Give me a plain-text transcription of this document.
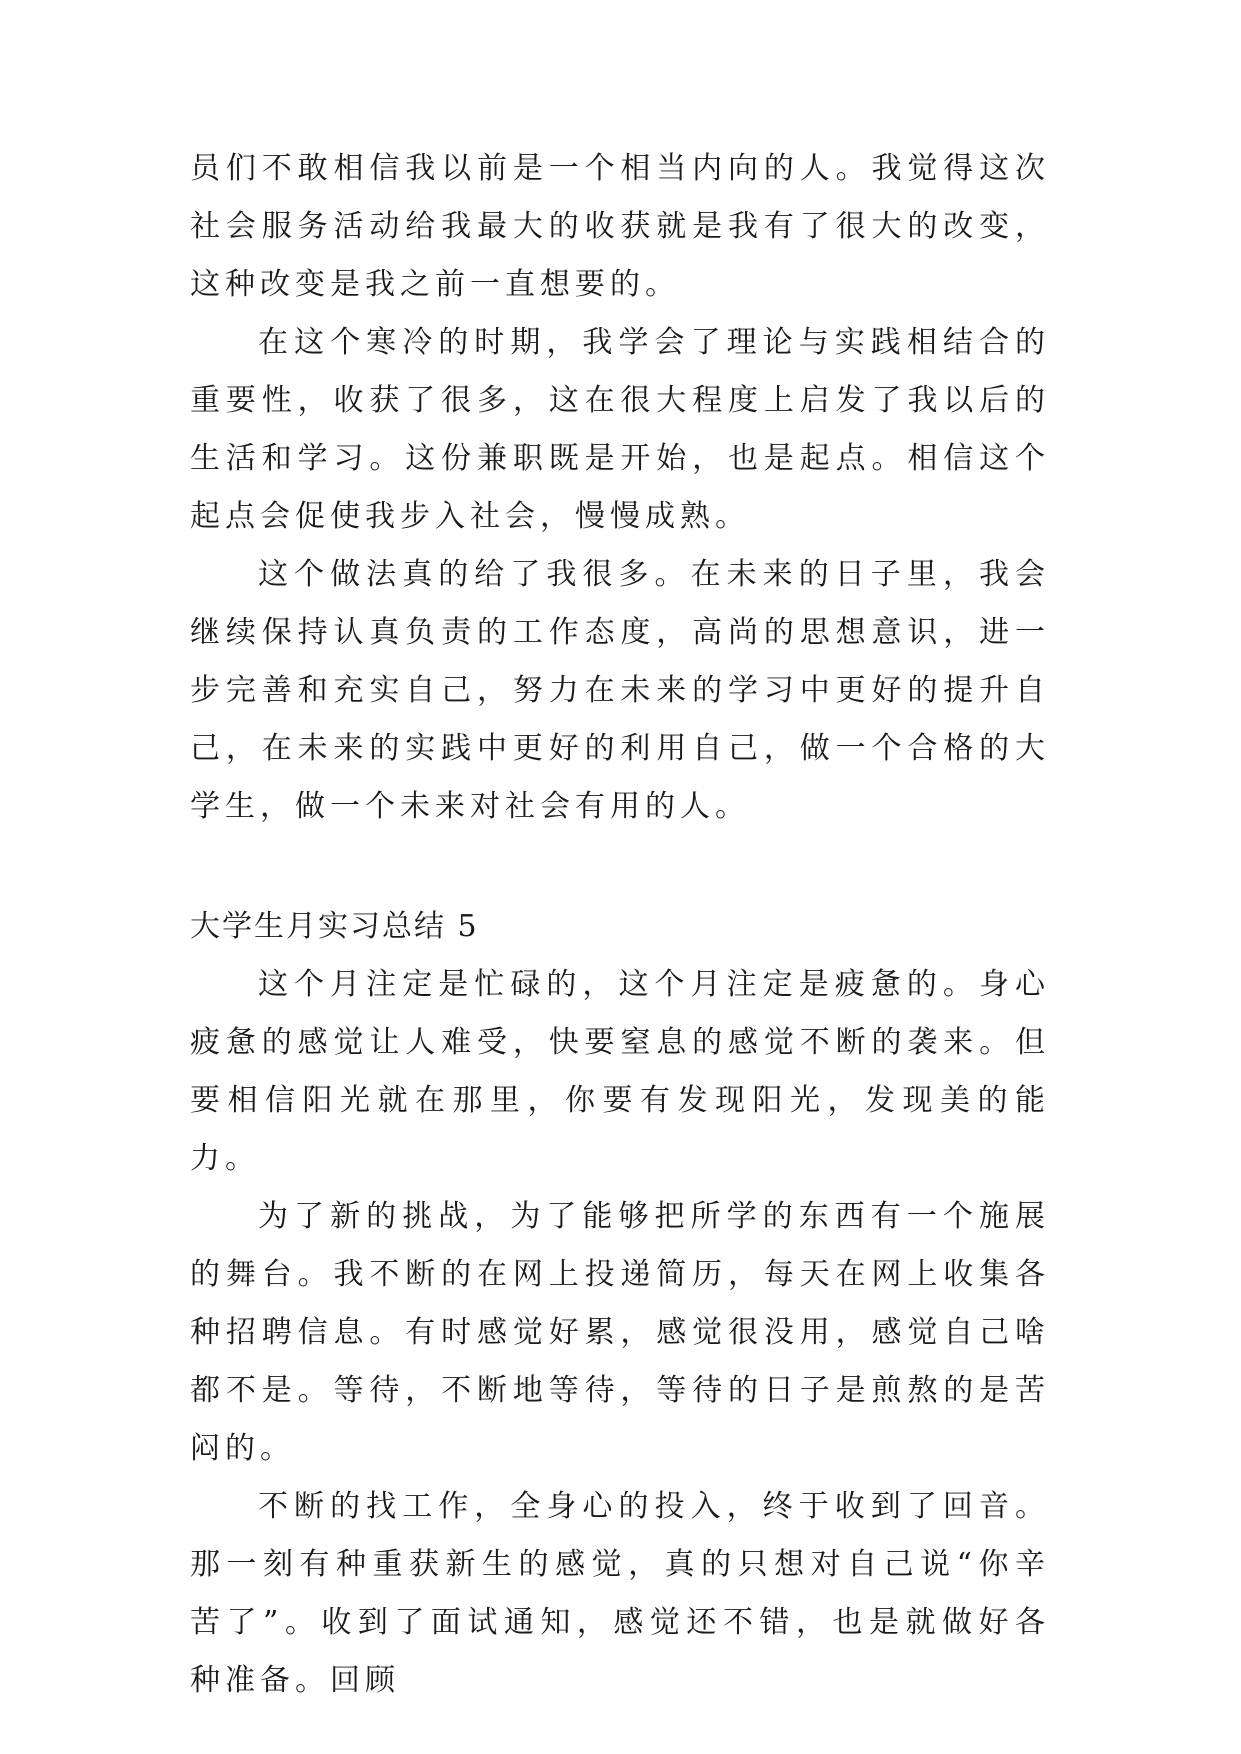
员们不敢相信我以前是一个相当内向的人。我觉得这次社会服务活动给我最大的收获就是我有了很大的改变，这种改变是我之前一直想要的。

在这个寒冷的时期，我学会了理论与实践相结合的重要性，收获了很多，这在很大程度上启发了我以后的生活和学习。这份兼职既是开始，也是起点。相信这个起点会促使我步入社会，慢慢成熟。

这个做法真的给了我很多。在未来的日子里，我会继续保持认真负责的工作态度，高尚的思想意识，进一步完善和充实自己，努力在未来的学习中更好的提升自己，在未来的实践中更好的利用自己，做一个合格的大学生，做一个未来对社会有用的人。

大学生月实习总结 5

这个月注定是忙碌的，这个月注定是疲惫的。身心疲惫的感觉让人难受，快要窒息的感觉不断的袭来。但要相信阳光就在那里，你要有发现阳光，发现美的能力。

为了新的挑战，为了能够把所学的东西有一个施展的舞台。我不断的在网上投递简历，每天在网上收集各种招聘信息。有时感觉好累，感觉很没用，感觉自己啥都不是。等待，不断地等待，等待的日子是煎熬的是苦闷的。

不断的找工作，全身心的投入，终于收到了回音。那一刻有种重获新生的感觉，真的只想对自己说“你辛苦了”。收到了面试通知，感觉还不错，也是就做好各种准备。回顾
